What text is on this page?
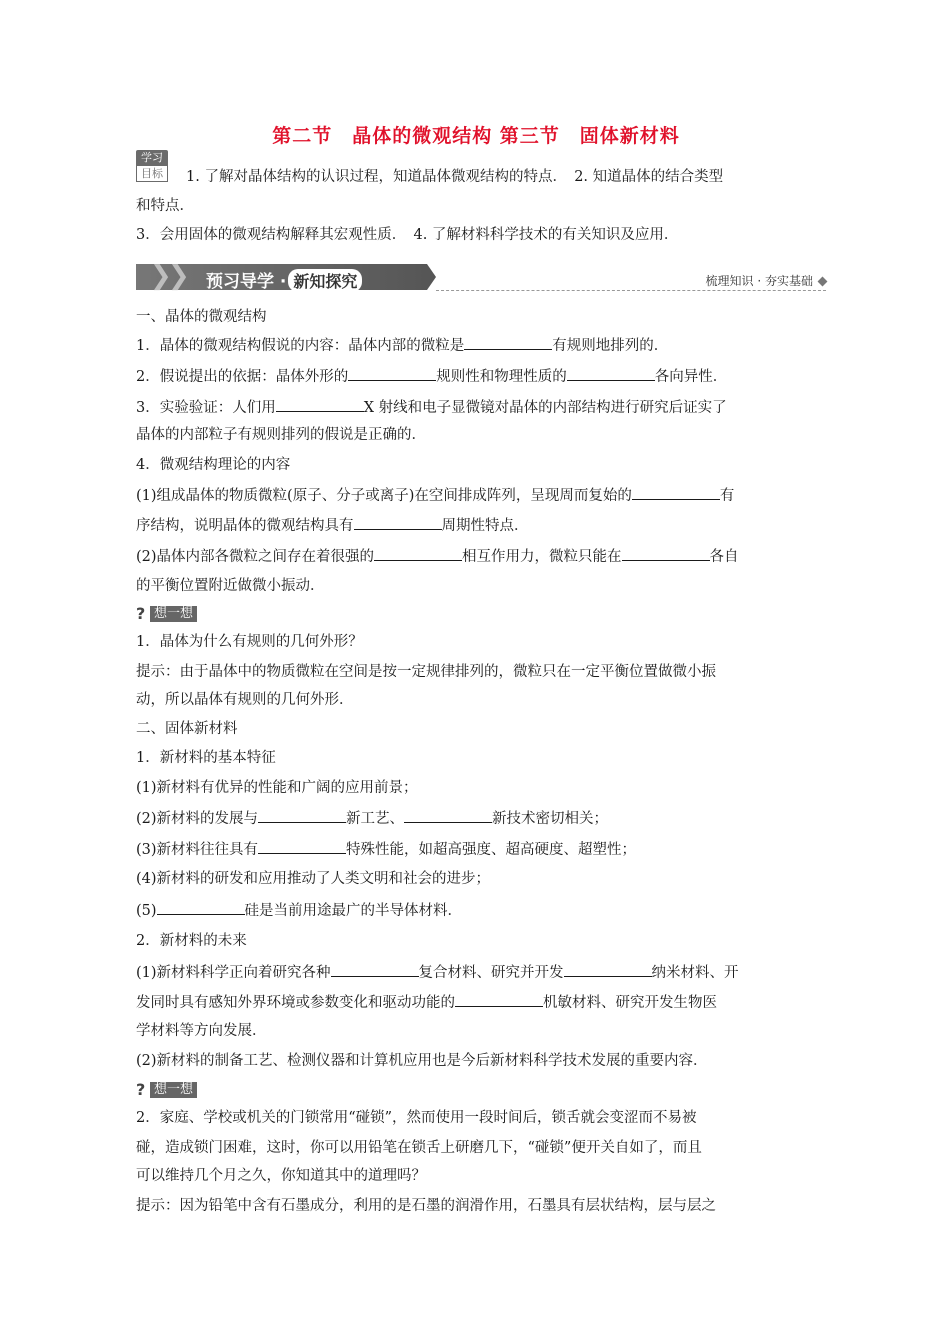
第二节　晶体的微观结构 第三节　固体新材料
学习
目标	1. 了解对晶体结构的认识过程，知道晶体微观结构的特点．　2. 知道晶体的结合类型
和特点．
3．会用固体的微观结构解释其宏观性质．　4. 了解材料科学技术的有关知识及应用．
❯
❯ 预习导学 · 新知探究	梳理知识 · 夯实基础
一、晶体的微观结构
1．晶体的微观结构假说的内容：晶体内部的微粒是	有规则地排列的．
2．假说提出的依据：晶体外形的	规则性和物理性质的	各向异性．
3．实验验证：人们用	X 射线和电子显微镜对晶体的内部结构进行研究后证实了
晶体的内部粒子有规则排列的假说是正确的．
4．微观结构理论的内容
(1)组成晶体的物质微粒(原子、分子或离子)在空间排成阵列，呈现周而复始的	有
序结构，说明晶体的微观结构具有	周期性特点．
(2)晶体内部各微粒之间存在着很强的	相互作用力，微粒只能在	各自
的平衡位置附近做微小振动．
? 想一想
1．晶体为什么有规则的几何外形？
提示：由于晶体中的物质微粒在空间是按一定规律排列的，微粒只在一定平衡位置做微小振
动，所以晶体有规则的几何外形．
二、固体新材料
1．新材料的基本特征
(1)新材料有优异的性能和广阔的应用前景；
(2)新材料的发展与	新工艺、	新技术密切相关；
(3)新材料往往具有	特殊性能，如超高强度、超高硬度、超塑性；
(4)新材料的研发和应用推动了人类文明和社会的进步；
(5)	硅是当前用途最广的半导体材料．
2．新材料的未来
(1)新材料科学正向着研究各种	复合材料、研究并开发	纳米材料、开
发同时具有感知外界环境或参数变化和驱动功能的	机敏材料、研究开发生物医
学材料等方向发展．
(2)新材料的制备工艺、检测仪器和计算机应用也是今后新材料科学技术发展的重要内容．
? 想一想
2．家庭、学校或机关的门锁常用“碰锁”，然而使用一段时间后，锁舌就会变涩而不易被
碰，造成锁门困难，这时，你可以用铅笔在锁舌上研磨几下，“碰锁”便开关自如了，而且
可以维持几个月之久，你知道其中的道理吗？
提示：因为铅笔中含有石墨成分，利用的是石墨的润滑作用，石墨具有层状结构，层与层之
